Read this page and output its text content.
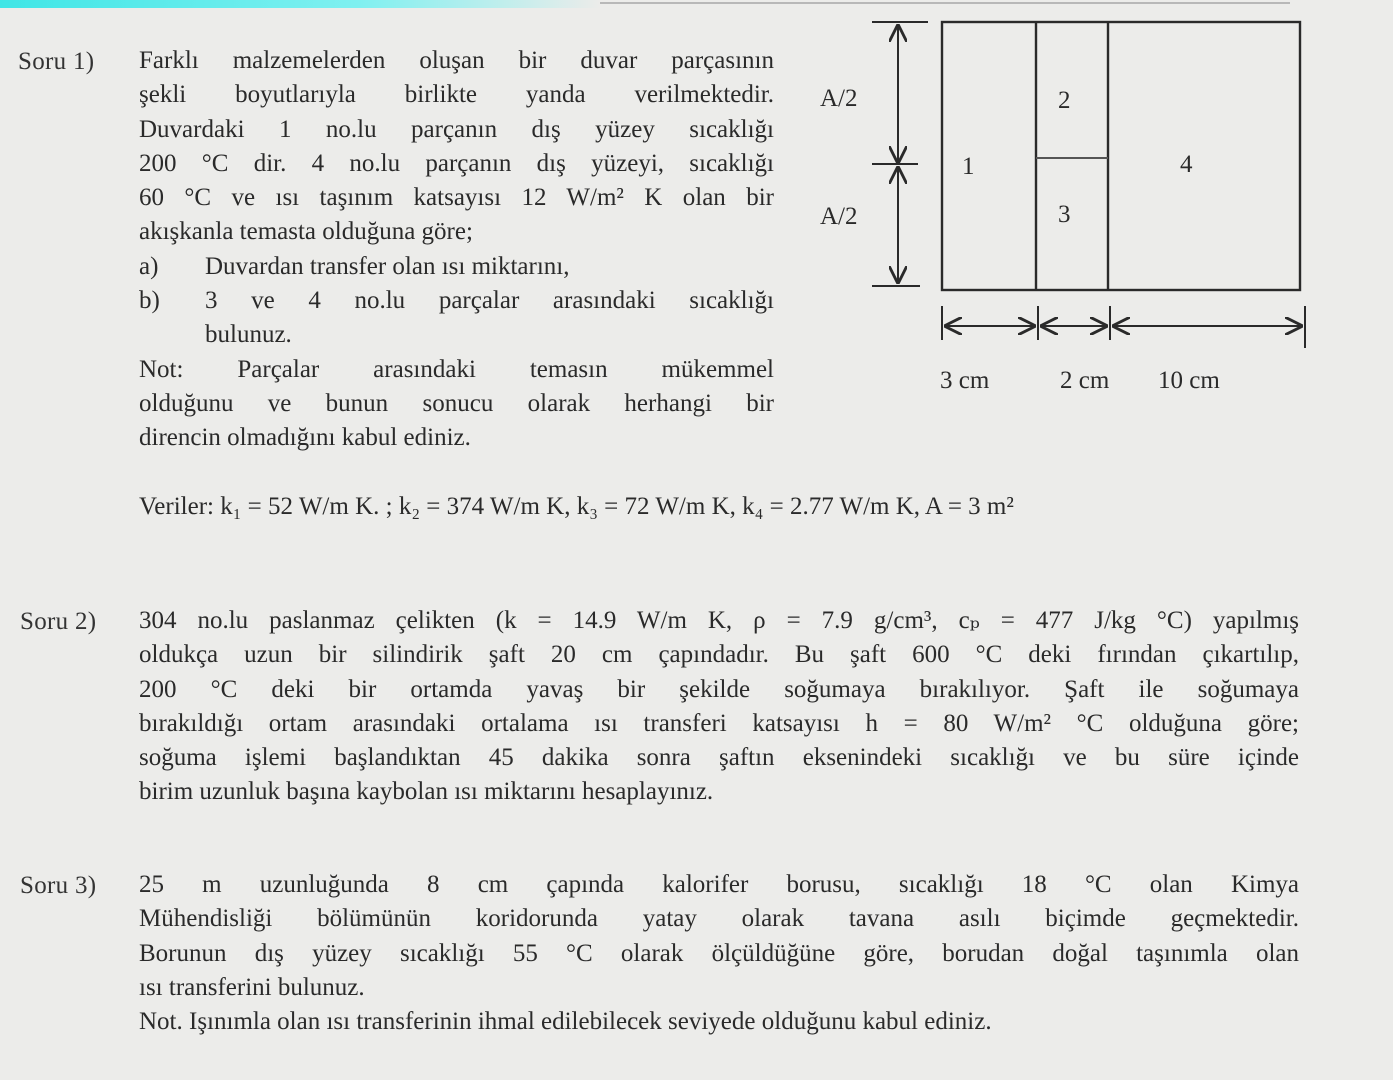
Soru 1) Farklı malzemelerden oluşan bir duvar parçasının

şekli boyutlarıyla birlikte yanda verilmektedir.

Duvardaki 1 no.lu parçanın dış yüzey sıcaklığı

200 °C dir. 4 no.lu parçanın dış yüzeyi, sıcaklığı

60 °C ve ısı taşınım katsayısı 12 W/m² K olan bir

akışkanla temasta olduğuna göre;

a)	Duvardan transfer olan ısı miktarını,
b)	3 ve 4 no.lu parçalar arasındaki sıcaklığı

bulunuz.

Not: Parçalar arasındaki temasın mükemmel

olduğunu ve bunun sonucu olarak herhangi bir

direncin olmadığını kabul ediniz.

Veriler: k₁ = 52 W/m K. ; k₂ = 374 W/m K, k₃ = 72 W/m K, k₄ = 2.77 W/m K, A = 3 m²
A/2
A/2
1
2
3
4
3 cm	2 cm 10 cm
Soru 2) 304 no.lu paslanmaz çelikten (k = 14.9 W/m K, ρ = 7.9 g/cm³, cₚ = 477 J/kg °C) yapılmış

oldukça uzun bir silindirik şaft 20 cm çapındadır. Bu şaft 600 °C deki fırından çıkartılıp,

200 °C deki bir ortamda yavaş bir şekilde soğumaya bırakılıyor. Şaft ile soğumaya

bırakıldığı ortam arasındaki ortalama ısı transferi katsayısı h = 80 W/m² °C olduğuna göre;

soğuma işlemi başlandıktan 45 dakika sonra şaftın eksenindeki sıcaklığı ve bu süre içinde

birim uzunluk başına kaybolan ısı miktarını hesaplayınız.

Soru 3) 25 m uzunluğunda 8 cm çapında kalorifer borusu, sıcaklığı 18 °C olan Kimya

Mühendisliği bölümünün koridorunda yatay olarak tavana asılı biçimde geçmektedir.

Borunun dış yüzey sıcaklığı 55 °C olarak ölçüldüğüne göre, borudan doğal taşınımla olan

ısı transferini bulunuz.

Not. Işınımla olan ısı transferinin ihmal edilebilecek seviyede olduğunu kabul ediniz.
